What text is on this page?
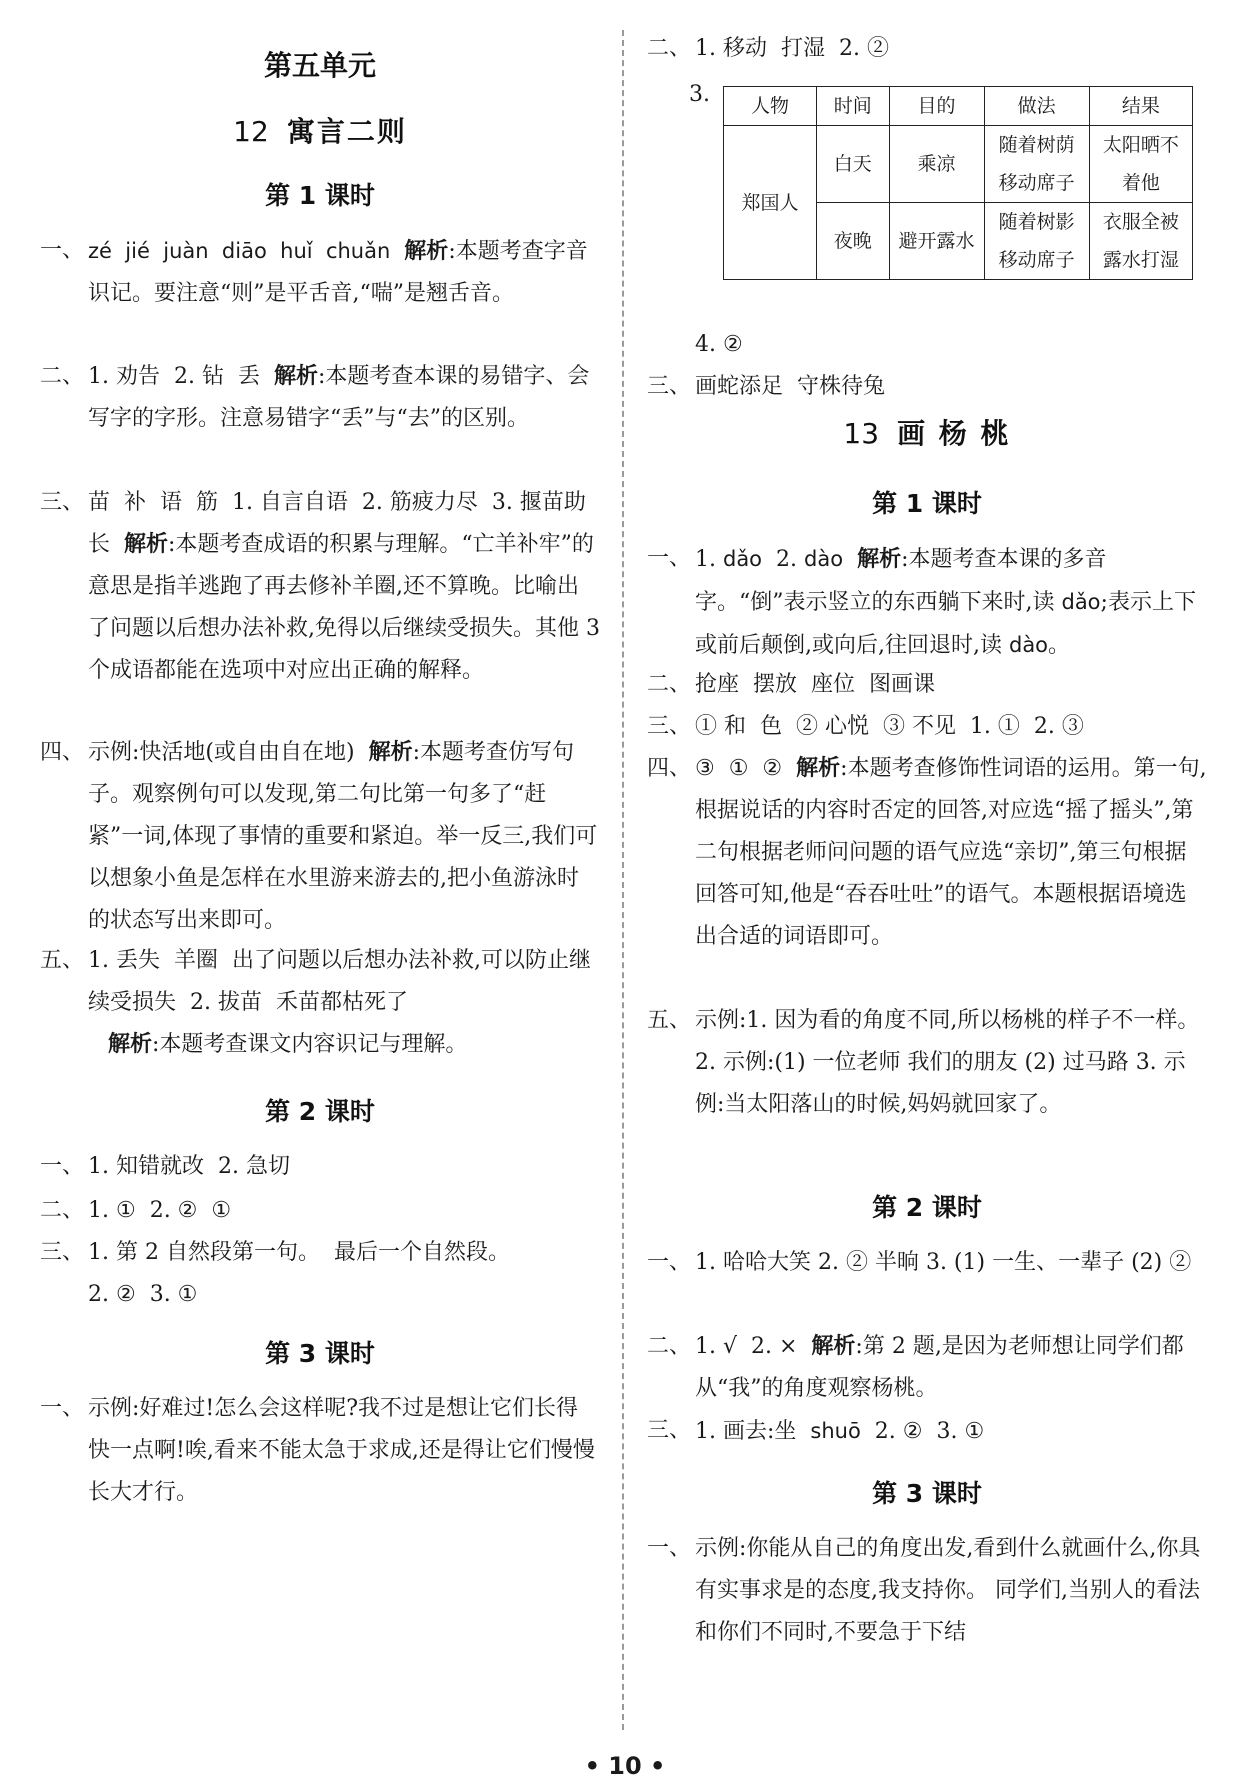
第五单元
12 寓言二则
第 1 课时
一、 zé  jié  juàn  diāo  huǐ  chuǎn 解析:本题考查字音识记。要注意“则”是平舌音,“喘”是翘舌音。
二、 1. 劝告  2. 钻  丢  解析:本题考查本课的易错字、会写字的字形。注意易错字“丢”与“去”的区别。
三、 苗  补  语  筋  1. 自言自语  2. 筋疲力尽  3. 揠苗助长  解析:本题考查成语的积累与理解。“亡羊补牢”的意思是指羊逃跑了再去修补羊圈,还不算晚。比喻出了问题以后想办法补救,免得以后继续受损失。其他 3 个成语都能在选项中对应出正确的解释。
四、 示例:快活地(或自由自在地)  解析:本题考查仿写句子。观察例句可以发现,第二句比第一句多了“赶紧”一词,体现了事情的重要和紧迫。举一反三,我们可以想象小鱼是怎样在水里游来游去的,把小鱼游泳时的状态写出来即可。
五、 1. 丢失  羊圈  出了问题以后想办法补救,可以防止继续受损失  2. 拔苗  禾苗都枯死了
解析:本题考查课文内容识记与理解。
第 2 课时
一、 1. 知错就改  2. 急切
二、 1. ①  2. ②  ①
三、 1. 第 2 自然段第一句。  最后一个自然段。
2. ②  3. ①
第 3 课时
一、 示例:好难过!怎么会这样呢?我不过是想让它们长得快一点啊!唉,看来不能太急于求成,还是得让它们慢慢长大才行。
二、 1. 移动  打湿  2. ②
3.	人物	时间	目的	做法	结果
郑国人	白天	乘凉	随着树荫移动席子	太阳晒不着他
	夜晚	避开露水	随着树影移动席子	衣服全被露水打湿
4. ②
三、 画蛇添足  守株待兔
13 画 杨 桃
第 1 课时
一、 1. dǎo  2. dào 解析:本题考查本课的多音字。“倒”表示竖立的东西躺下来时,读 dǎo;表示上下或前后颠倒,或向后,往回退时,读 dào。
二、 抢座  摆放  座位  图画课
三、 ① 和  色  ② 心悦  ③ 不见  1. ①  2. ③
四、 ③  ①  ②  解析:本题考查修饰性词语的运用。第一句,根据说话的内容时否定的回答,对应选“摇了摇头”,第二句根据老师问问题的语气应选“亲切”,第三句根据回答可知,他是“吞吞吐吐”的语气。本题根据语境选出合适的词语即可。
五、 示例:1. 因为看的角度不同,所以杨桃的样子不一样。 2. 示例:(1) 一位老师 我们的朋友 (2) 过马路 3. 示例:当太阳落山的时候,妈妈就回家了。
第 2 课时
一、 1. 哈哈大笑 2. ② 半晌 3. (1) 一生、一辈子 (2) ②
二、 1. √  2. ×  解析:第 2 题,是因为老师想让同学们都从“我”的角度观察杨桃。
三、 1. 画去:坐  shuō  2. ②  3. ①
第 3 课时
一、 示例:你能从自己的角度出发,看到什么就画什么,你具有实事求是的态度,我支持你。 同学们,当别人的看法和你们不同时,不要急于下结
• 10 •
